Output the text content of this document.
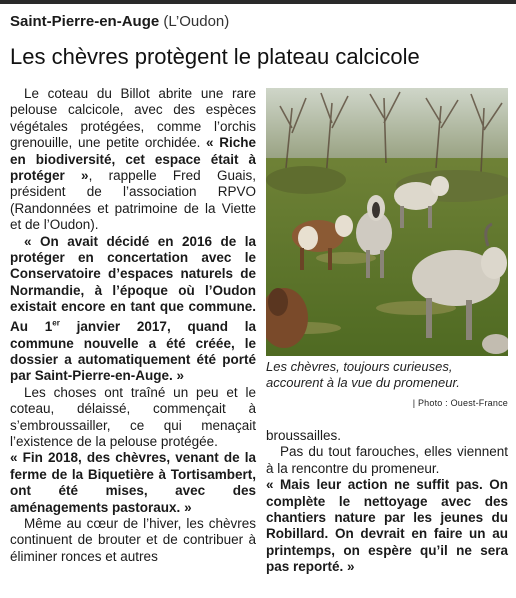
Saint-Pierre-en-Auge (L’Oudon)
Les chèvres protègent le plateau calcicole

Le coteau du Billot abrite une rare pelouse calcicole, avec des espèces végétales protégées, comme l’orchis grenouille, une petite orchidée. « Riche en biodiversité, cet espace était à protéger », rappelle Fred Guais, président de l’association RPVO (Randonnées et patrimoine de la Viette et de l’Oudon).

« On avait décidé en 2016 de la protéger en concertation avec le Conservatoire d’espaces naturels de Normandie, à l’époque où l’Oudon existait encore en tant que commune. Au 1er janvier 2017, quand la commune nouvelle a été créée, le dossier a automatiquement été porté par Saint-Pierre-en-Auge. »

Les choses ont traîné un peu et le coteau, délaissé, commençait à s’embroussailler, ce qui menaçait l’existence de la pelouse protégée.

« Fin 2018, des chèvres, venant de la ferme de la Biquetière à Tortisambert, ont été mises, avec des aménagements pastoraux. »

Même au cœur de l’hiver, les chèvres continuent de brouter et de contribuer à éliminer ronces et autres

Les chèvres, toujours curieuses, accourent à la vue du promeneur.
| Photo : Ouest-France

broussailles.

Pas du tout farouches, elles viennent à la rencontre du promeneur.

« Mais leur action ne suffit pas. On complète le nettoyage avec des chantiers nature par les jeunes du Robillard. On devrait en faire un au printemps, on espère qu’il ne sera pas reporté. »
